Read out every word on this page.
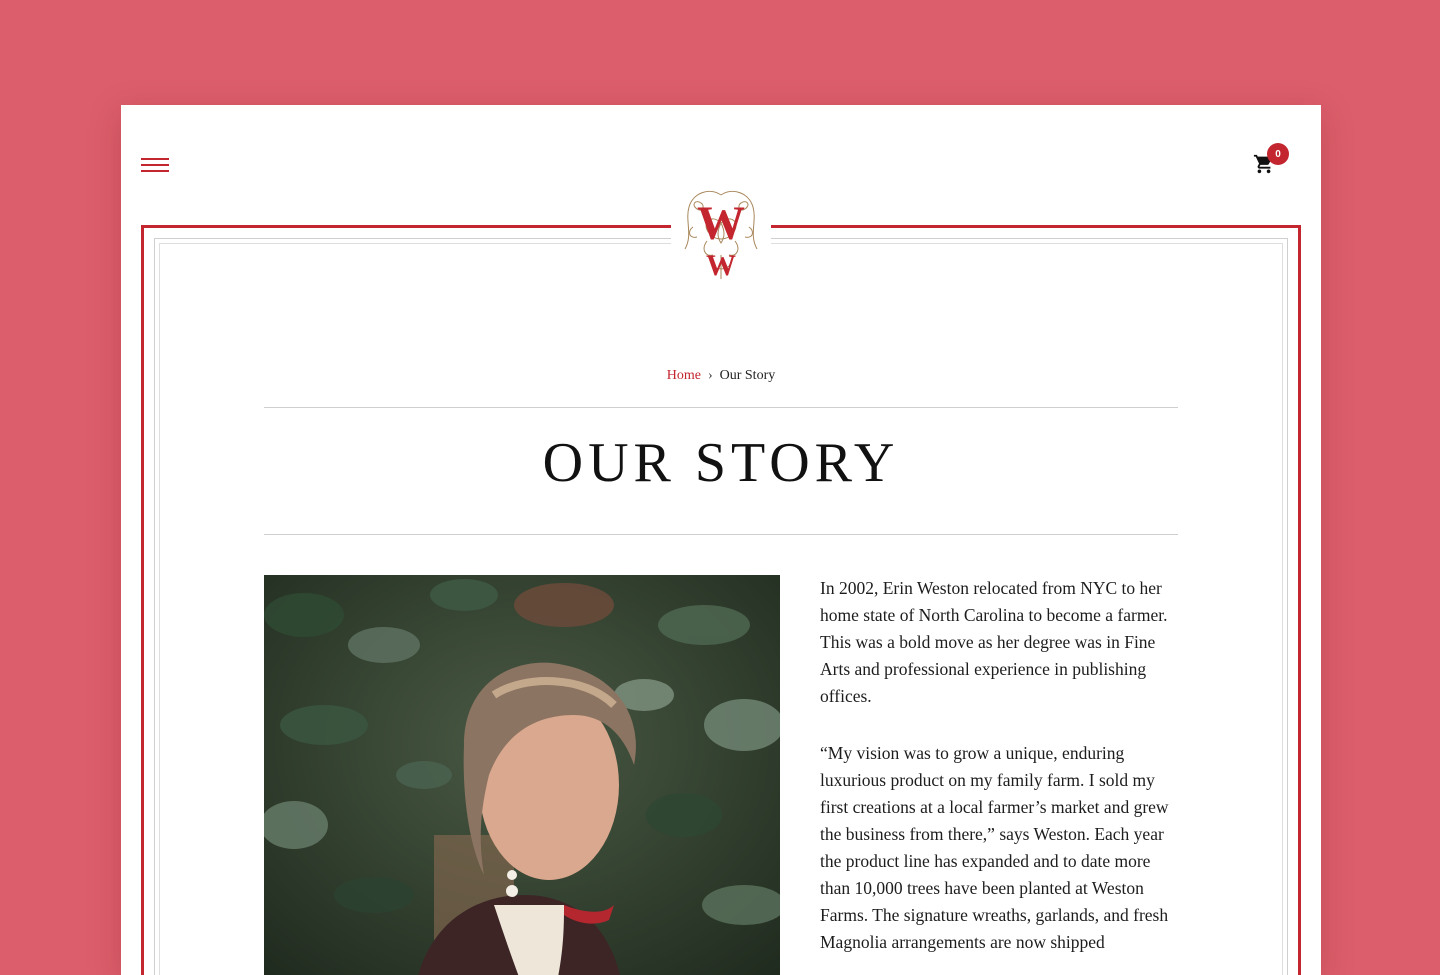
0
W
W
Home › Our Story
OUR STORY

In 2002, Erin Weston relocated from NYC to her home state of North Carolina to become a farmer. This was a bold move as her degree was in Fine Arts and professional experience in publishing offices.

“My vision was to grow a unique, enduring luxurious product on my family farm. I sold my first creations at a local farmer’s market and grew the business from there,” says Weston. Each year the product line has expanded and to date more than 10,000 trees have been planted at Weston Farms. The signature wreaths, garlands, and fresh Magnolia arrangements are now shipped
